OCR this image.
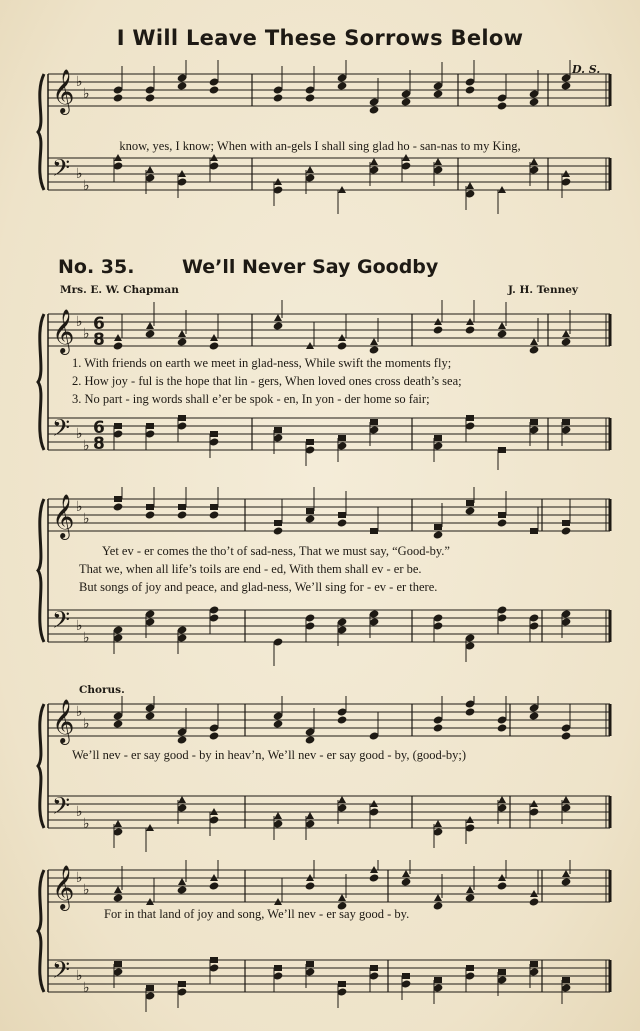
I Will Leave These Sorrows Below
D. S.
𝄞 ♭
♭
𝄢 ♭
♭
know, yes, I know; When with an-gels I shall sing glad ho - san-nas to my King,
No. 35.	We’ll Never Say Goodby
Mrs. E. W. Chapman	J. H. Tenney
𝄞 ♭
♭ 6
8
𝄢 ♭
♭
6
8
1. With friends on earth we meet in glad-ness, While swift the moments fly;
2. How joy - ful is the hope that lin - gers, When loved ones cross death’s sea;
3. No part - ing words shall e’er be spok - en, In yon - der home so fair;
𝄞 ♭
♭
𝄢 ♭
♭
Yet ev - er comes the tho’t of sad-ness, That we must say, “Good-by.”
That we, when all life’s toils are end - ed, With them shall ev - er be.
But songs of joy and peace, and glad-ness, We’ll sing for - ev - er there.
Chorus.
𝄞 ♭
♭
𝄢 ♭
♭
We’ll nev - er say good - by in heav’n, We’ll nev - er say good - by, (good-by;)
𝄞 ♭
♭
𝄢 ♭
♭
For in that land of joy and song, We’ll nev - er say good - by.
